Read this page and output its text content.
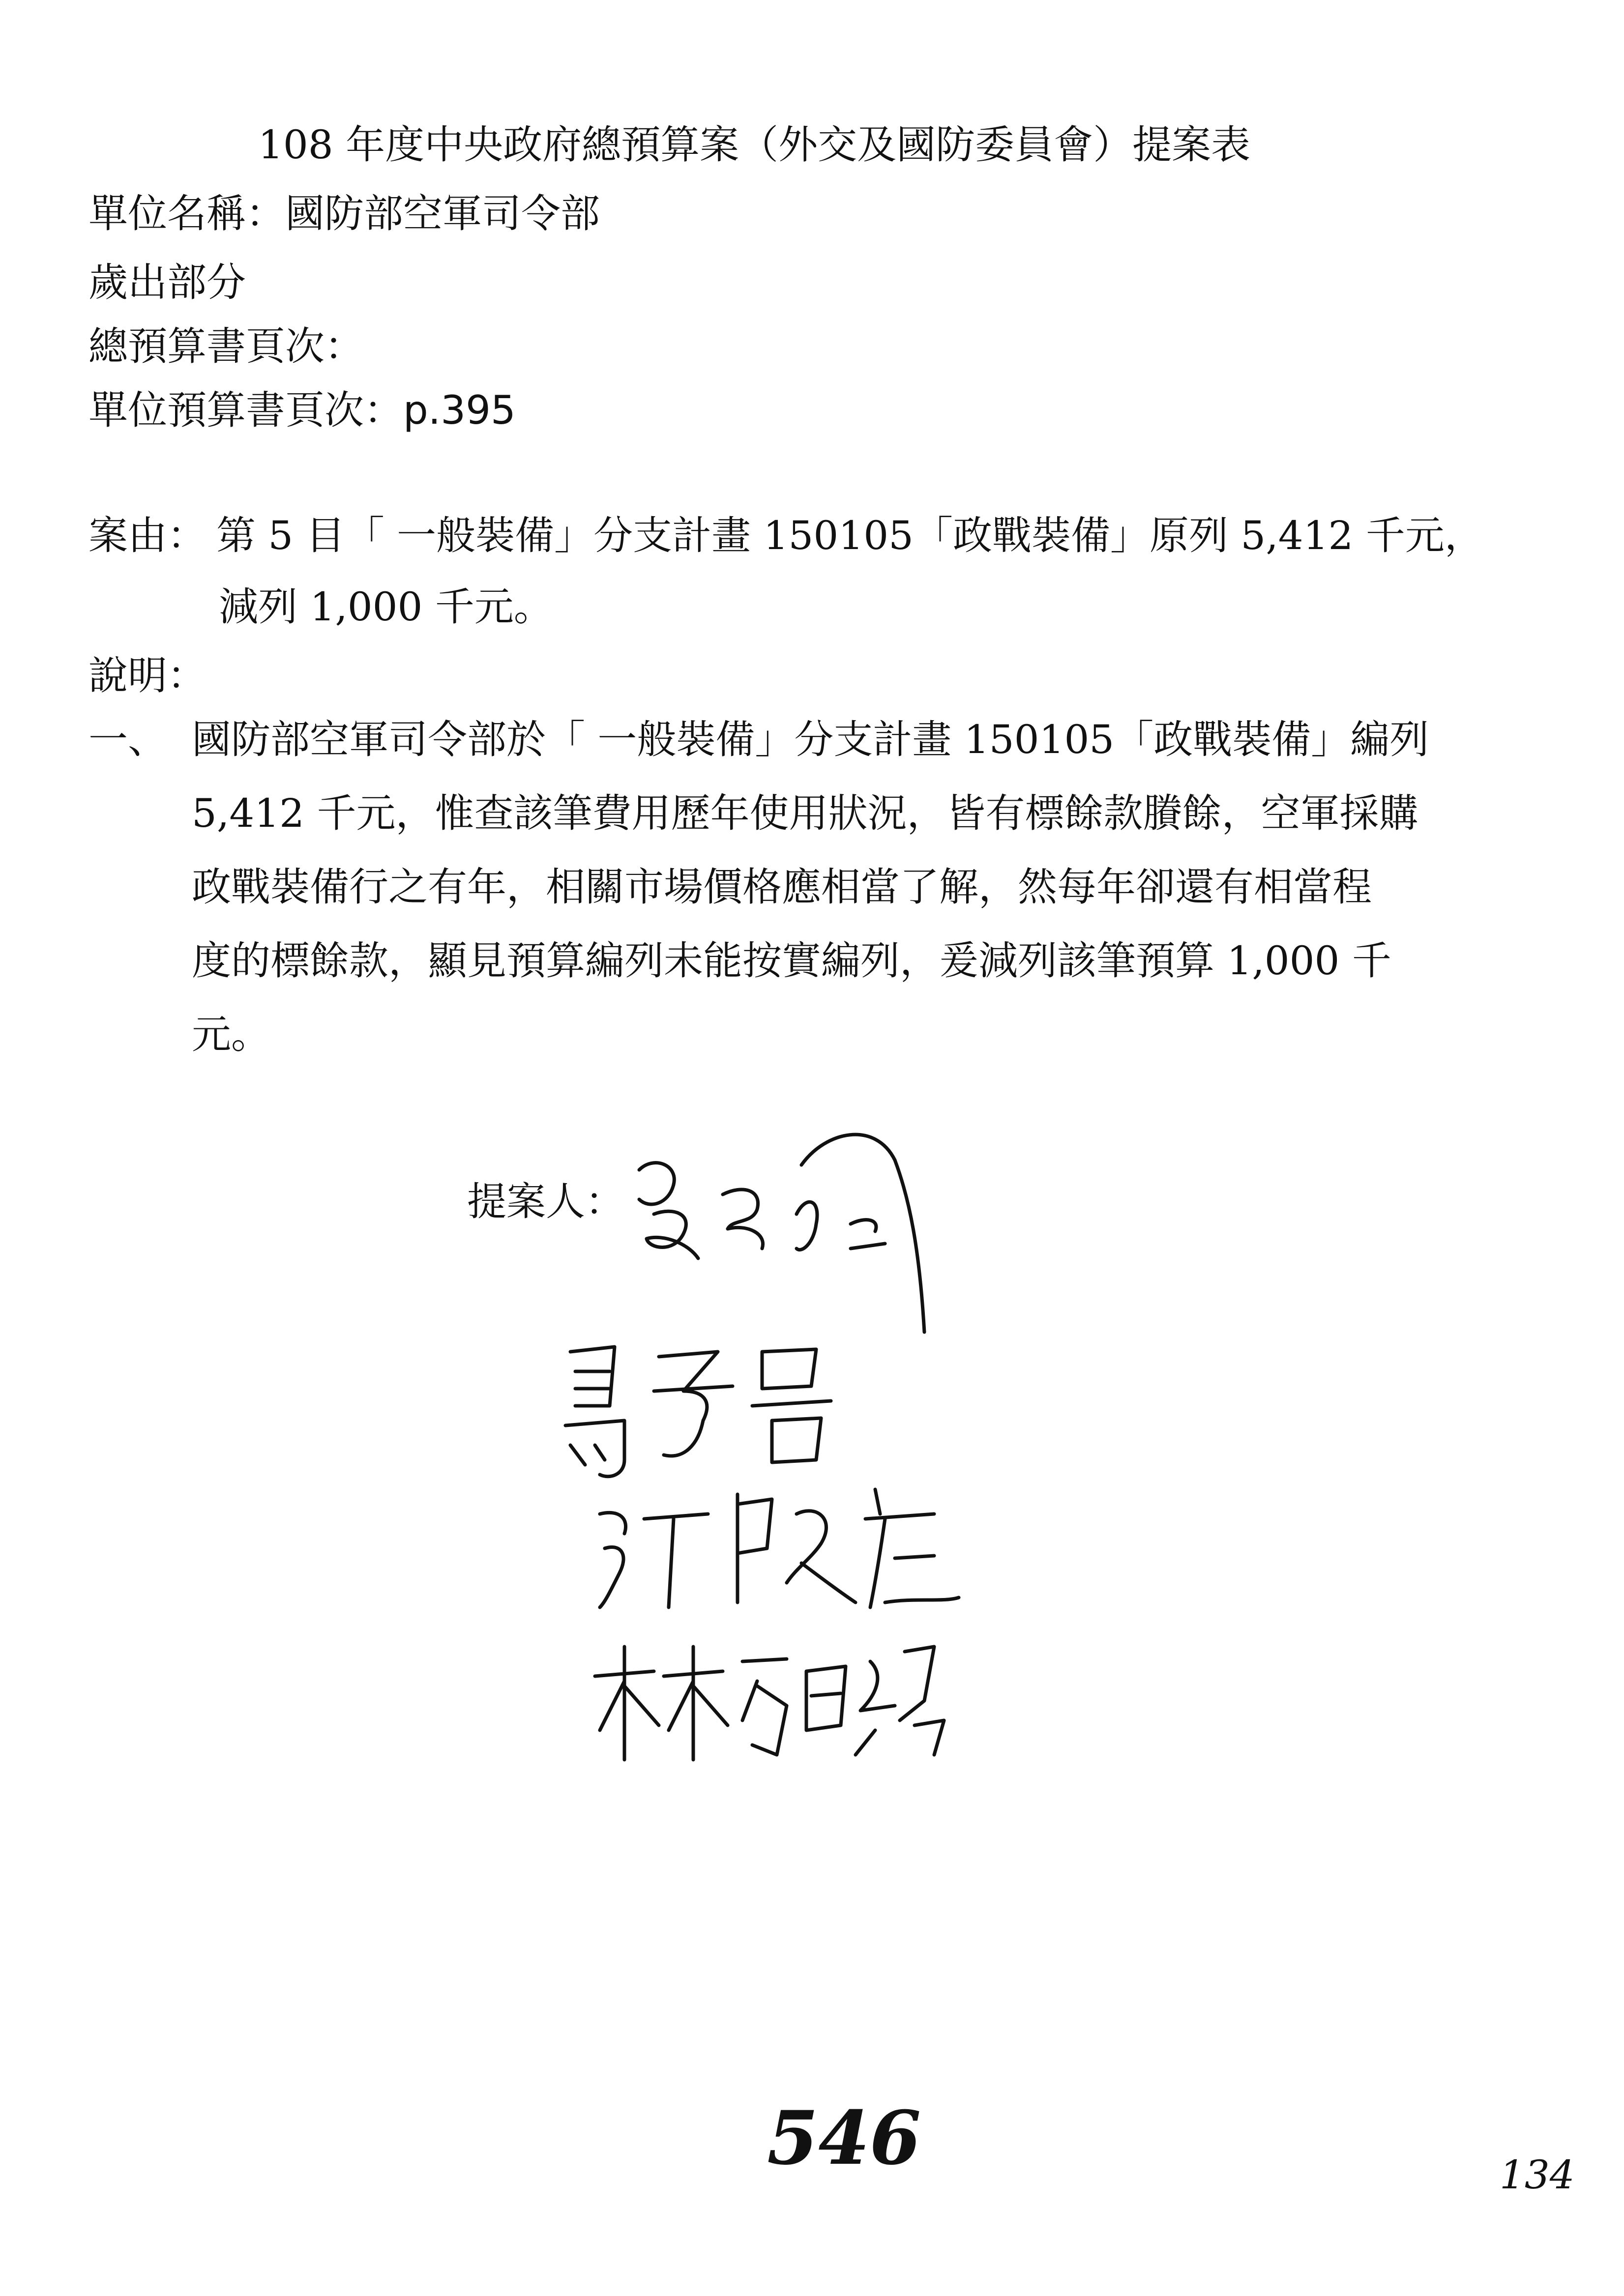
108 年度中央政府總預算案（外交及國防委員會）提案表
單位名稱：國防部空軍司令部
歲出部分
總預算書頁次：
單位預算書頁次：p.395
案由： 第 5 目「 一般裝備」分支計畫 150105「政戰裝備」原列 5,412 千元，
減列 1,000 千元。
說明：
一、 國防部空軍司令部於「 一般裝備」分支計畫 150105「政戰裝備」編列
5,412 千元，惟查該筆費用歷年使用狀況，皆有標餘款賸餘，空軍採購
政戰裝備行之有年，相關市場價格應相當了解，然每年卻還有相當程
度的標餘款，顯見預算編列未能按實編列，爰減列該筆預算 1,000 千
元。
提案人：
546	134
